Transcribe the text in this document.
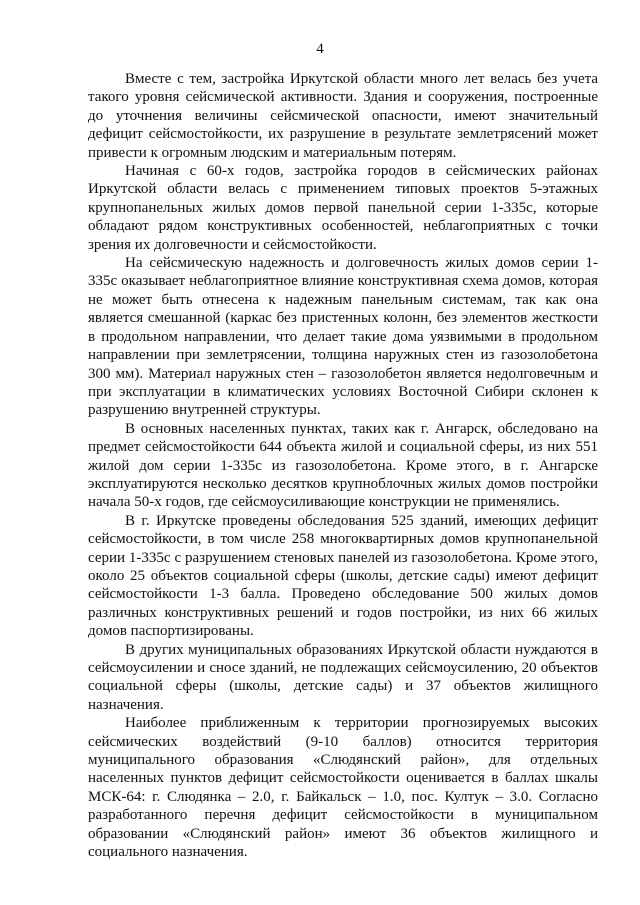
4

Вместе с тем, застройка Иркутской области много лет велась без учета такого уровня сейсмической активности. Здания и сооружения, построенные до уточнения величины сейсмической опасности, имеют значительный дефицит сейсмостойкости, их разрушение в результате землетрясений может привести к огромным людским и материальным потерям.

Начиная с 60-х годов, застройка городов в сейсмических районах Иркутской области велась с применением типовых проектов 5-этажных крупнопанельных жилых домов первой панельной серии 1-335с, которые обладают рядом конструктивных особенностей, неблагоприятных с точки зрения их долговечности и сейсмостойкости.

На сейсмическую надежность и долговечность жилых домов серии 1-335с оказывает неблагоприятное влияние конструктивная схема домов, которая не может быть отнесена к надежным панельным системам, так как она является смешанной (каркас без пристенных колонн, без элементов жесткости в продольном направлении, что делает такие дома уязвимыми в продольном направлении при землетрясении, толщина наружных стен из газозолобетона 300 мм). Материал наружных стен – газозолобетон является недолговечным и при эксплуатации в климатических условиях Восточной Сибири склонен к разрушению внутренней структуры.

В основных населенных пунктах, таких как г. Ангарск, обследовано на предмет сейсмостойкости 644 объекта жилой и социальной сферы, из них 551 жилой дом серии 1-335с из газозолобетона. Кроме этого, в г. Ангарске эксплуатируются несколько десятков крупноблочных жилых домов постройки начала 50-х годов, где сейсмоусиливающие конструкции не применялись.

В г. Иркутске проведены обследования 525 зданий, имеющих дефицит сейсмостойкости, в том числе 258 многоквартирных домов крупнопанельной серии 1-335с с разрушением стеновых панелей из газозолобетона. Кроме этого, около 25 объектов социальной сферы (школы, детские сады) имеют дефицит сейсмостойкости 1-3 балла. Проведено обследование 500 жилых домов различных конструктивных решений и годов постройки, из них 66 жилых домов паспортизированы.

В других муниципальных образованиях Иркутской области нуждаются в сейсмоусилении и сносе зданий, не подлежащих сейсмоусилению, 20 объектов социальной сферы (школы, детские сады) и 37 объектов жилищного назначения.

Наиболее приближенным к территории прогнозируемых высоких сейсмических воздействий (9-10 баллов) относится территория муниципального образования «Слюдянский район», для отдельных населенных пунктов дефицит сейсмостойкости оценивается в баллах шкалы МСК-64: г. Слюдянка – 2.0, г. Байкальск – 1.0, пос. Култук – 3.0. Согласно разработанного перечня дефицит сейсмостойкости в муниципальном образовании «Слюдянский район» имеют 36 объектов жилищного и социального назначения.
